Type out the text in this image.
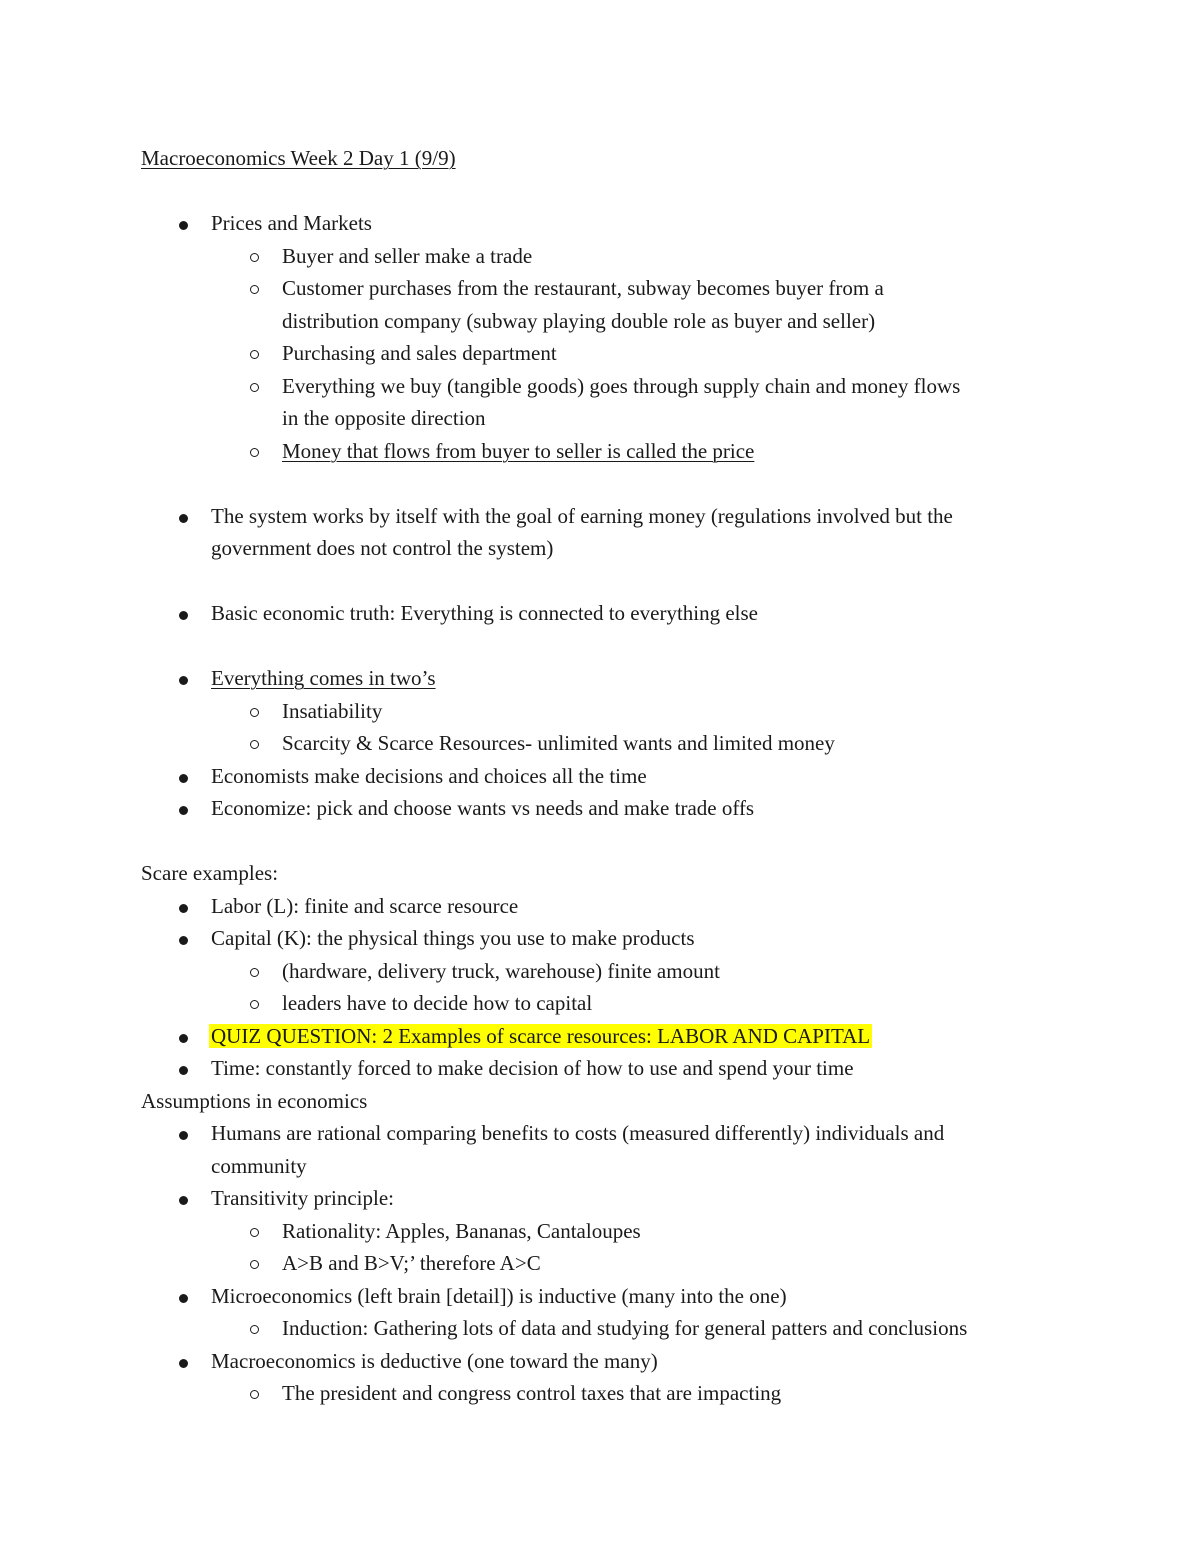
Macroeconomics Week 2 Day 1 (9/9)
Prices and Markets
Buyer and seller make a trade
Customer purchases from the restaurant, subway becomes buyer from a
distribution company (subway playing double role as buyer and seller)
Purchasing and sales department
Everything we buy (tangible goods) goes through supply chain and money flows
in the opposite direction
Money that flows from buyer to seller is called the price
The system works by itself with the goal of earning money (regulations involved but the
government does not control the system)
Basic economic truth: Everything is connected to everything else
Everything comes in two’s
Insatiability
Scarcity & Scarce Resources- unlimited wants and limited money
Economists make decisions and choices all the time
Economize: pick and choose wants vs needs and make trade offs
Scare examples:
Labor (L): finite and scarce resource
Capital (K): the physical things you use to make products
(hardware, delivery truck, warehouse) finite amount
leaders have to decide how to capital
QUIZ QUESTION: 2 Examples of scarce resources: LABOR AND CAPITAL
Time: constantly forced to make decision of how to use and spend your time
Assumptions in economics
Humans are rational comparing benefits to costs (measured differently) individuals and
community
Transitivity principle:
Rationality: Apples, Bananas, Cantaloupes
A>B and B>V;’ therefore A>C
Microeconomics (left brain [detail]) is inductive (many into the one)
Induction: Gathering lots of data and studying for general patters and conclusions
Macroeconomics is deductive (one toward the many)
The president and congress control taxes that are impacting
